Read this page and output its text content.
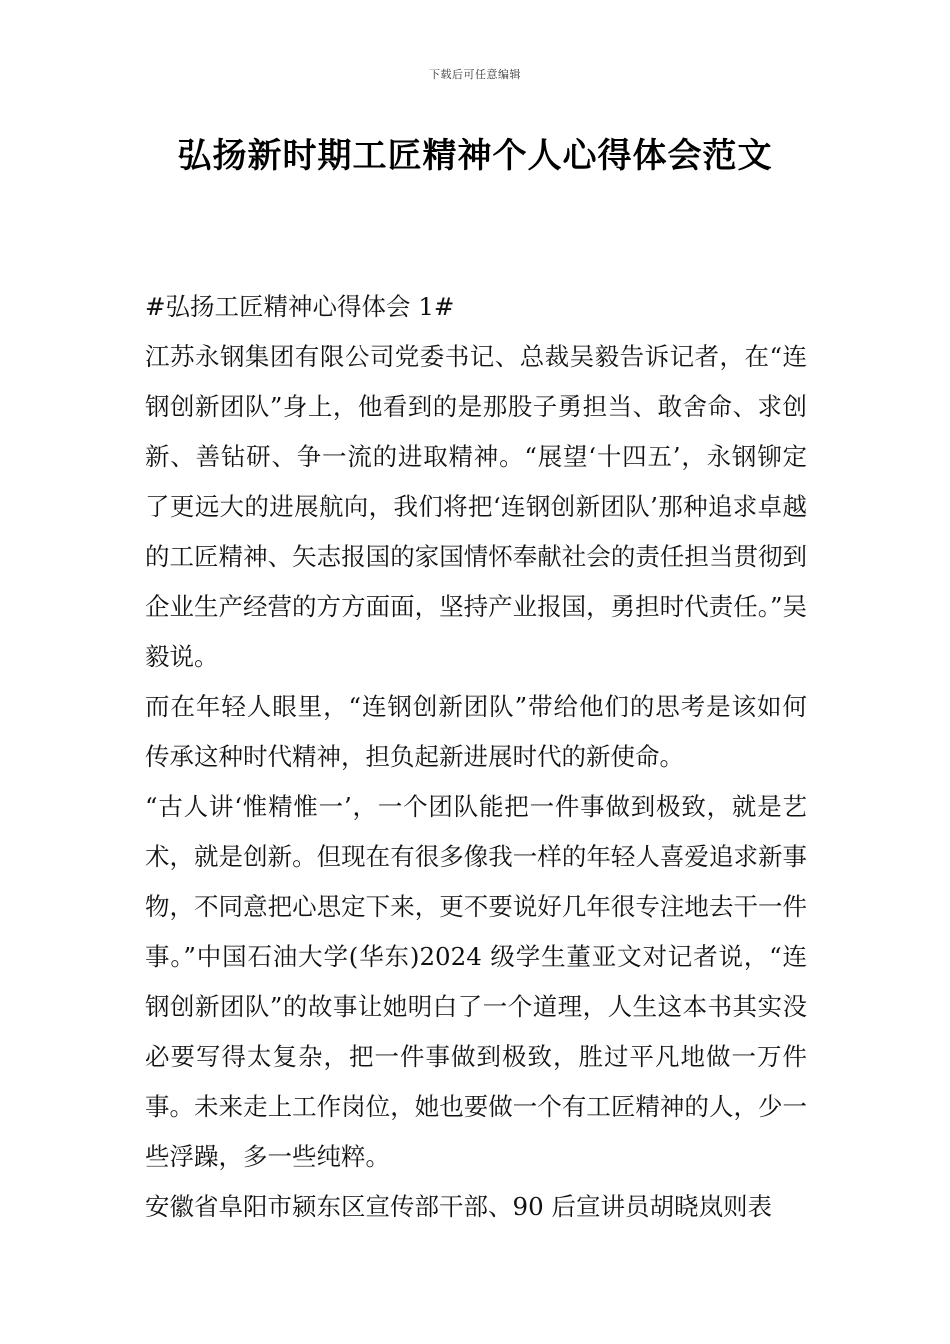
下载后可任意编辑
弘扬新时期工匠精神个人心得体会范文

#弘扬工匠精神心得体会 1#

江苏永钢集团有限公司党委书记、总裁吴毅告诉记者，在“连钢创新团队”身上，他看到的是那股子勇担当、敢舍命、求创新、善钻研、争一流的进取精神。“展望‘十四五’，永钢铆定了更远大的进展航向，我们将把‘连钢创新团队’那种追求卓越的工匠精神、矢志报国的家国情怀奉献社会的责任担当贯彻到企业生产经营的方方面面，坚持产业报国，勇担时代责任。”吴毅说。

而在年轻人眼里，“连钢创新团队”带给他们的思考是该如何传承这种时代精神，担负起新进展时代的新使命。

“古人讲‘惟精惟一’，一个团队能把一件事做到极致，就是艺术，就是创新。但现在有很多像我一样的年轻人喜爱追求新事物，不同意把心思定下来，更不要说好几年很专注地去干一件事。”中国石油大学(华东)2024 级学生董亚文对记者说，“连钢创新团队”的故事让她明白了一个道理，人生这本书其实没必要写得太复杂，把一件事做到极致，胜过平凡地做一万件事。未来走上工作岗位，她也要做一个有工匠精神的人，少一些浮躁，多一些纯粹。

安徽省阜阳市颍东区宣传部干部、90 后宣讲员胡晓岚则表
